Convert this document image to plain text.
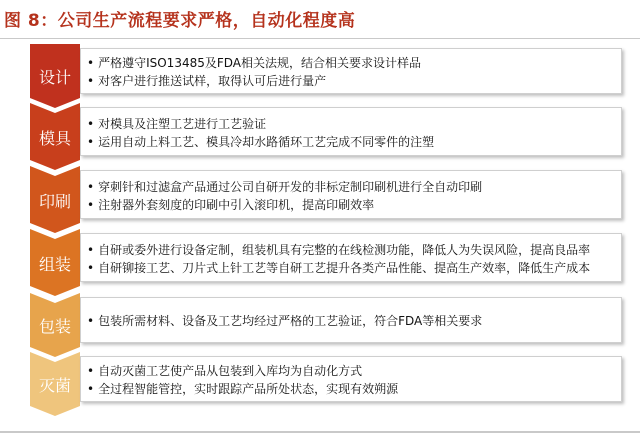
图 8：公司生产流程要求严格，自动化程度高
设计
• 严格遵守ISO13485及FDA相关法规，结合相关要求设计样品
• 对客户进行推送试样，取得认可后进行量产
模具
• 对模具及注塑工艺进行工艺验证
• 运用自动上料工艺、模具冷却水路循环工艺完成不同零件的注塑
印刷
• 穿刺针和过滤盒产品通过公司自研开发的非标定制印刷机进行全自动印刷
• 注射器外套刻度的印刷中引入滚印机，提高印刷效率
组装
• 自研或委外进行设备定制，组装机具有完整的在线检测功能，降低人为失误风险，提高良品率
• 自研铆接工艺、刀片式上针工艺等自研工艺提升各类产品性能、提高生产效率，降低生产成本
包装
•	包装所需材料、设备及工艺均经过严格的工艺验证，符合FDA等相关要求
灭菌
• 自动灭菌工艺使产品从包装到入库均为自动化方式
• 全过程智能管控，实时跟踪产品所处状态，实现有效朔源
